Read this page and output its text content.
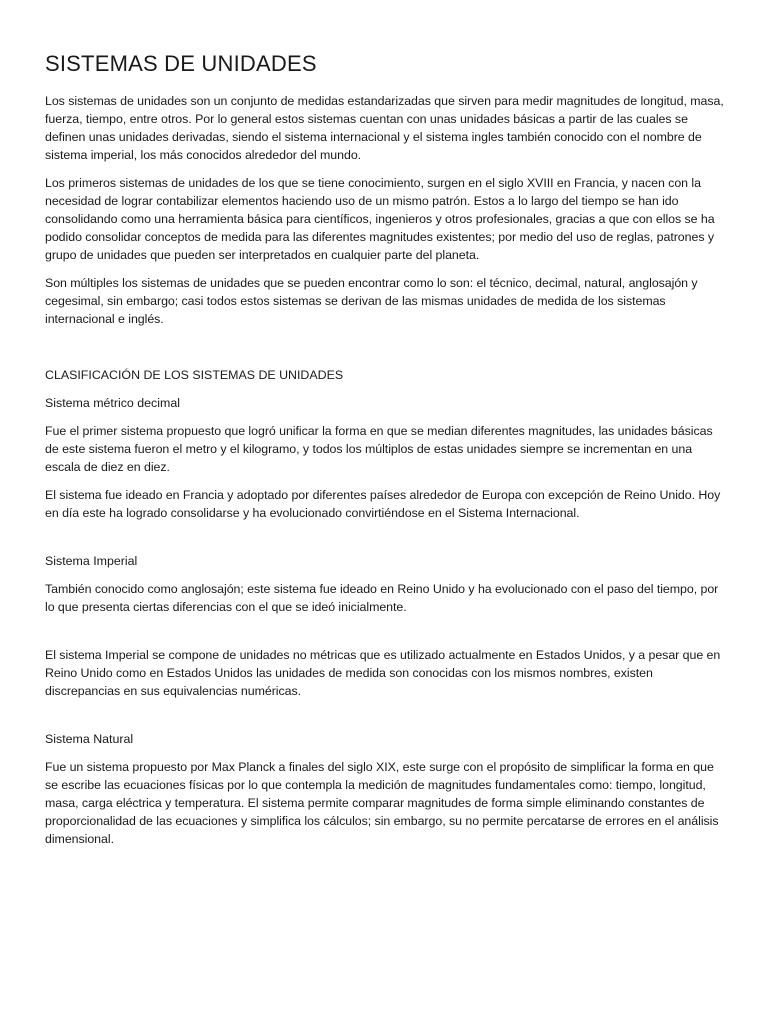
SISTEMAS DE UNIDADES

Los sistemas de unidades son un conjunto de medidas estandarizadas que sirven para medir magnitudes de longitud, masa, fuerza, tiempo, entre otros. Por lo general estos sistemas cuentan con unas unidades básicas a partir de las cuales se definen unas unidades derivadas, siendo el sistema internacional y el sistema ingles también conocido con el nombre de sistema imperial, los más conocidos alrededor del mundo.

Los primeros sistemas de unidades de los que se tiene conocimiento, surgen en el siglo XVIII en Francia, y nacen con la necesidad de lograr contabilizar elementos haciendo uso de un mismo patrón. Estos a lo largo del tiempo se han ido consolidando como una herramienta básica para científicos, ingenieros y otros profesionales, gracias a que con ellos se ha podido consolidar conceptos de medida para las diferentes magnitudes existentes; por medio del uso de reglas, patrones y grupo de unidades que pueden ser interpretados en cualquier parte del planeta.

Son múltiples los sistemas de unidades que se pueden encontrar como lo son: el técnico, decimal, natural, anglosajón y cegesimal, sin embargo; casi todos estos sistemas se derivan de las mismas unidades de medida de los sistemas internacional e inglés.

CLASIFICACIÓN DE LOS SISTEMAS DE UNIDADES
Sistema métrico decimal

Fue el primer sistema propuesto que logró unificar la forma en que se median diferentes magnitudes, las unidades básicas de este sistema fueron el metro y el kilogramo, y todos los múltiplos de estas unidades siempre se incrementan en una escala de diez en diez.

El sistema fue ideado en Francia y adoptado por diferentes países alrededor de Europa con excepción de Reino Unido. Hoy en día este ha logrado consolidarse y ha evolucionado convirtiéndose en el Sistema Internacional.

Sistema Imperial

También conocido como anglosajón; este sistema fue ideado en Reino Unido y ha evolucionado con el paso del tiempo, por lo que presenta ciertas diferencias con el que se ideó inicialmente.

El sistema Imperial se compone de unidades no métricas que es utilizado actualmente en Estados Unidos, y a pesar que en Reino Unido como en Estados Unidos las unidades de medida son conocidas con los mismos nombres, existen discrepancias en sus equivalencias numéricas.

Sistema Natural

Fue un sistema propuesto por Max Planck a finales del siglo XIX, este surge con el propósito de simplificar la forma en que se escribe las ecuaciones físicas por lo que contempla la medición de magnitudes fundamentales como: tiempo, longitud, masa, carga eléctrica y temperatura. El sistema permite comparar magnitudes de forma simple eliminando constantes de proporcionalidad de las ecuaciones y simplifica los cálculos; sin embargo, su no permite percatarse de errores en el análisis dimensional.
